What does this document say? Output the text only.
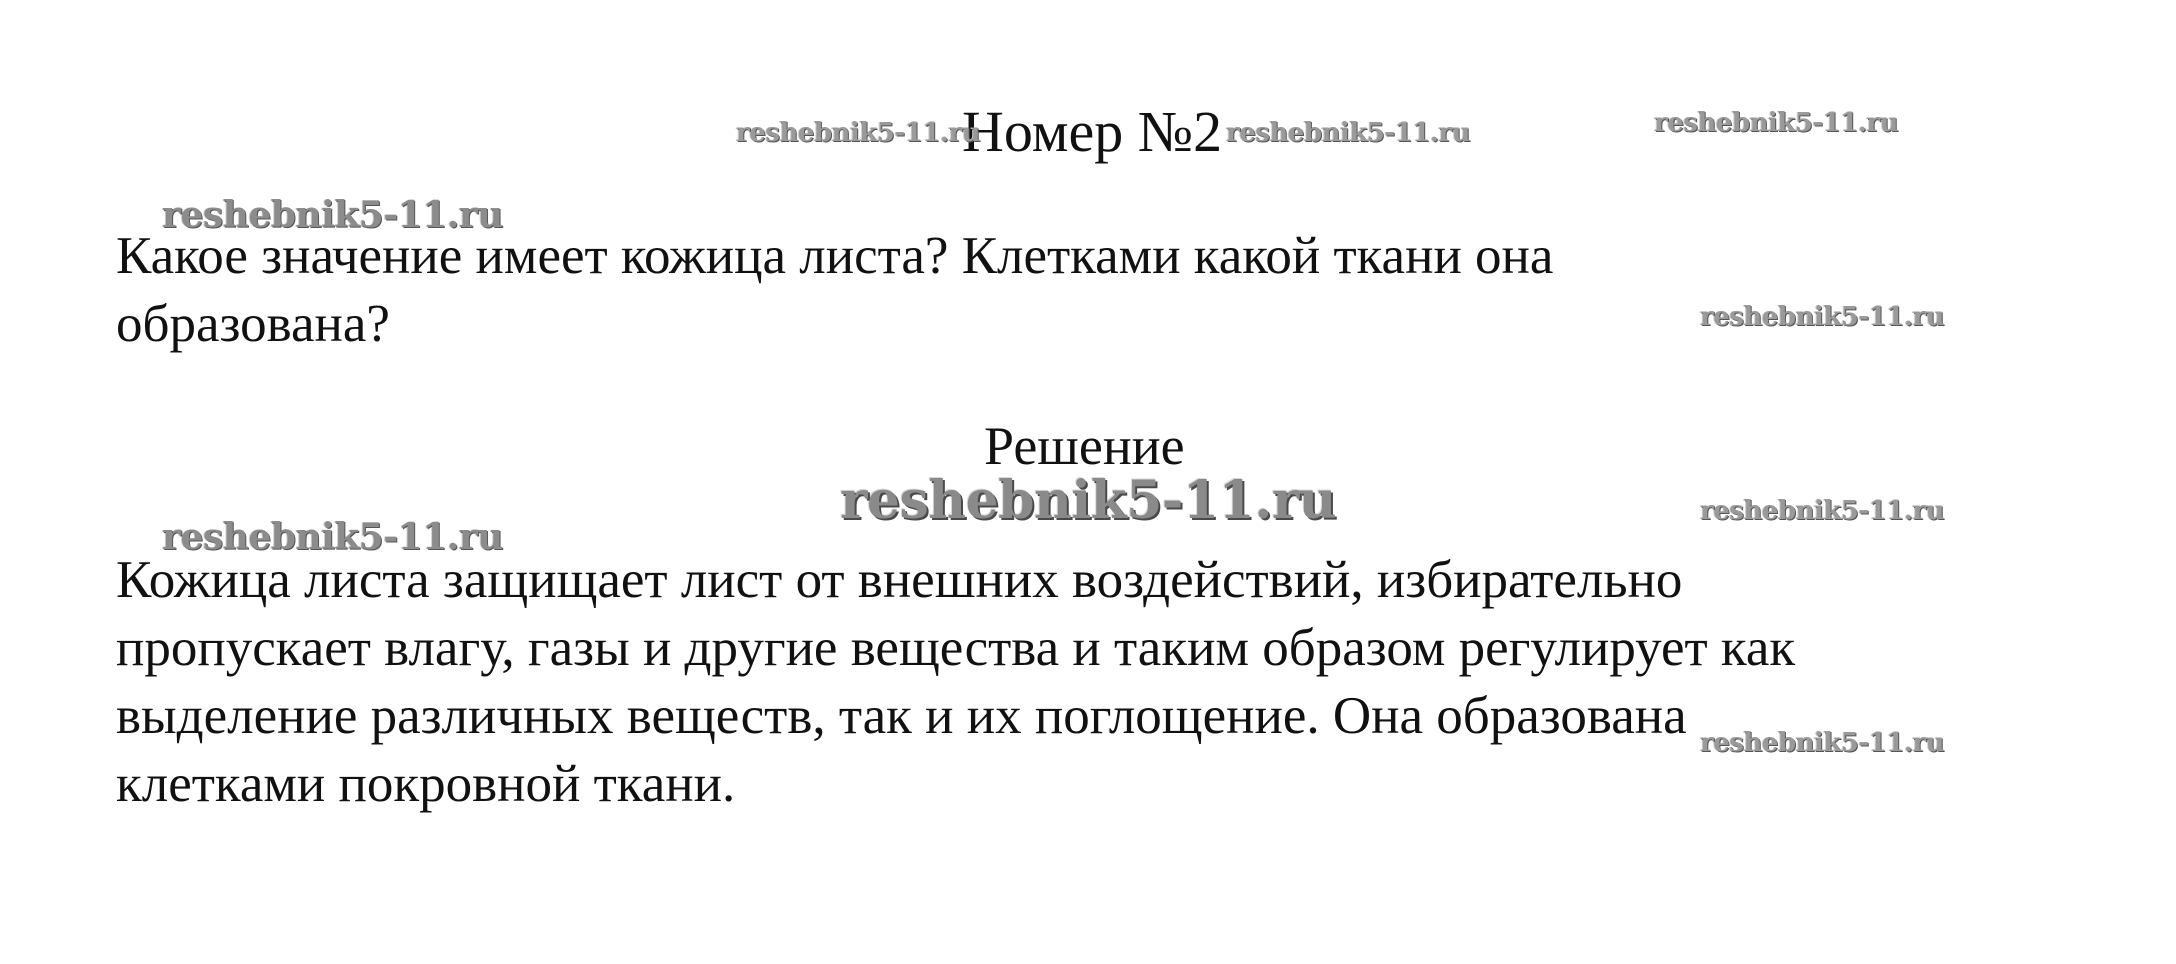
Номер №2

Какое значение имеет кожица листа? Клетками какой ткани она

образована?

Решение

Кожица листа защищает лист от внешних воздействий, избирательно

пропускает влагу, газы и другие вещества и таким образом регулирует как

выделение различных веществ, так и их поглощение. Она образована

клетками покровной ткани.

reshebnik5-11.ru	reshebnik5-11.ru	reshebnik5-11.ru
reshebnik5-11.ru
reshebnik5-11.ru
reshebnik5-11.ru	reshebnik5-11.ru
reshebnik5-11.ru
reshebnik5-11.ru
